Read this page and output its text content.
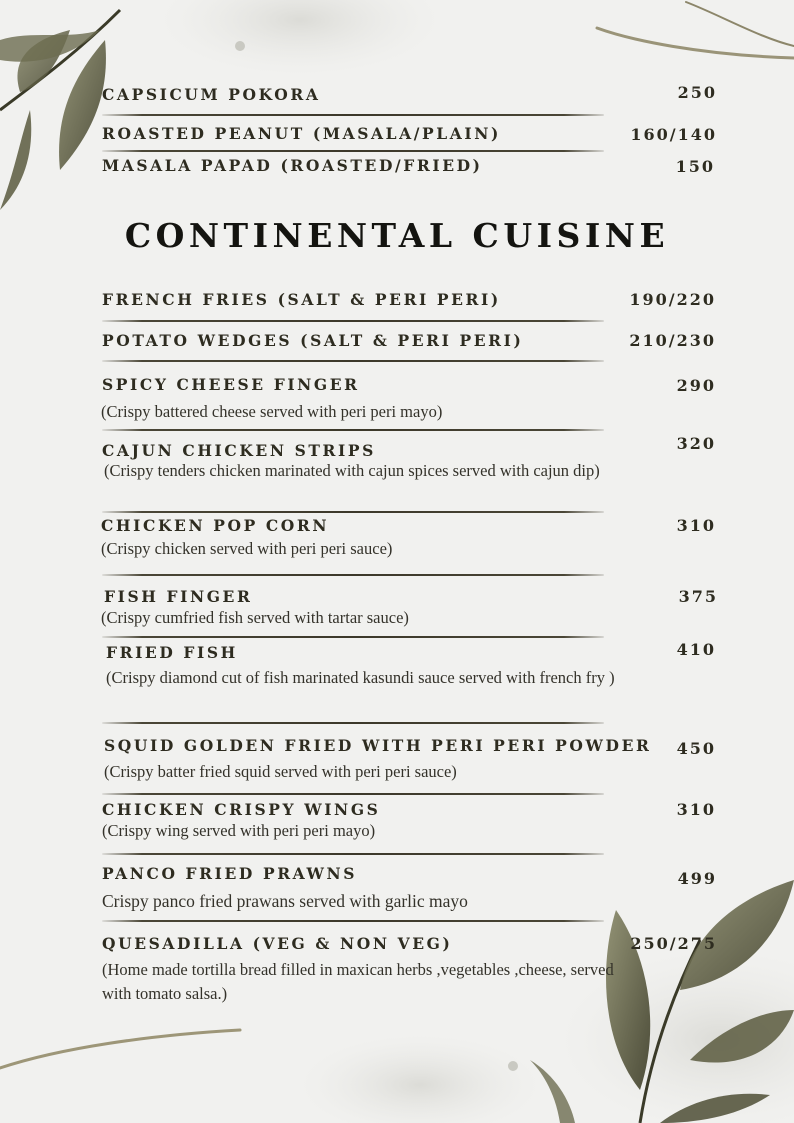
CAPSICUM POKORA	250
ROASTED PEANUT (MASALA/PLAIN)	160/140
MASALA PAPAD (ROASTED/FRIED)	150
CONTINENTAL CUISINE
FRENCH FRIES (SALT & PERI PERI)	190/220
POTATO WEDGES (SALT & PERI PERI)	210/230
SPICY CHEESE FINGER	290
(Crispy battered cheese served with peri peri mayo)
CAJUN CHICKEN STRIPS	320
(Crispy tenders chicken marinated with cajun spices served with cajun dip)
CHICKEN POP CORN	310
(Crispy chicken served with peri peri sauce)
FISH FINGER	375
(Crispy cumfried fish served with tartar sauce)
FRIED FISH	410
(Crispy diamond cut of fish marinated kasundi sauce served with french fry )
SQUID GOLDEN FRIED WITH PERI PERI POWDER 450
(Crispy batter fried squid served with peri peri sauce)
CHICKEN CRISPY WINGS	310
(Crispy wing served with peri peri mayo)
PANCO FRIED PRAWNS	499
Crispy panco fried prawans served with garlic mayo
QUESADILLA (VEG & NON VEG)	250/275
(Home made tortilla bread filled in maxican herbs ,vegetables ,cheese, served with tomato salsa.)
